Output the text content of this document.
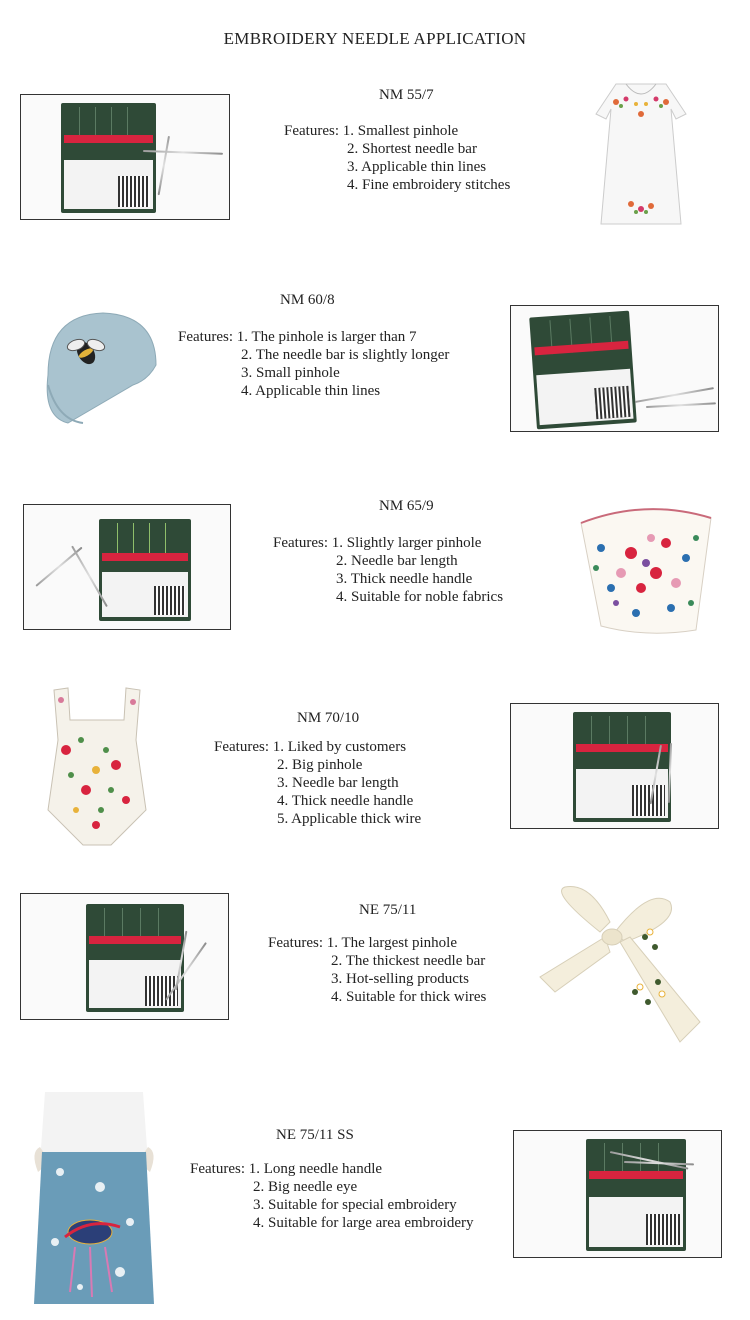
EMBROIDERY NEEDLE APPLICATION
NM 55/7
Features: 1. Smallest pinhole
2. Shortest needle bar
3. Applicable thin lines
4. Fine embroidery stitches
NM 60/8
Features: 1. The pinhole is larger than 7
2. The needle bar is slightly longer
3. Small pinhole
4. Applicable thin lines
NM 65/9
Features: 1. Slightly larger pinhole
2. Needle bar length
3. Thick needle handle
4. Suitable for noble fabrics
NM 70/10
Features: 1. Liked by customers
2. Big pinhole
3. Needle bar length
4. Thick needle handle
5. Applicable thick wire
NE 75/11
Features: 1. The largest pinhole
2. The thickest needle bar
3. Hot-selling products
4. Suitable for thick wires
NE 75/11 SS
Features: 1. Long needle handle
2. Big needle eye
3. Suitable for special embroidery
4. Suitable for large area embroidery
